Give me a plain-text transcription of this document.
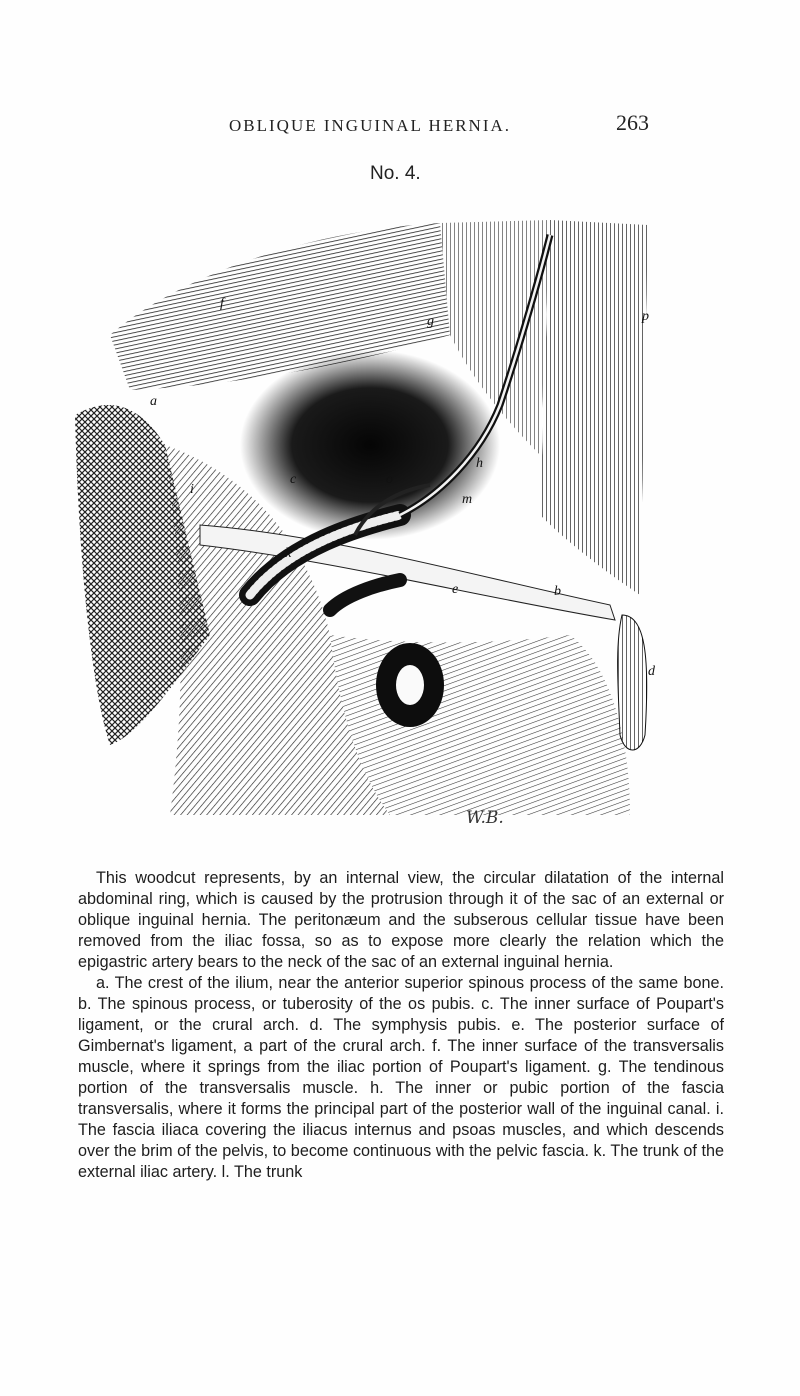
OBLIQUE INGUINAL HERNIA.	263
No. 4.
f
g	p
a
h
c	o
i
m
k
e	b
d
W.B.

This woodcut represents, by an internal view, the circular dilatation of the internal abdominal ring, which is caused by the protrusion through it of the sac of an external or oblique inguinal hernia. The peritonæum and the subserous cellular tissue have been removed from the iliac fossa, so as to expose more clearly the relation which the epigastric artery bears to the neck of the sac of an external inguinal hernia.

a. The crest of the ilium, near the anterior superior spinous process of the same bone. b. The spinous process, or tuberosity of the os pubis. c. The inner surface of Poupart's ligament, or the crural arch. d. The symphysis pubis. e. The posterior surface of Gimbernat's ligament, a part of the crural arch. f. The inner surface of the transversalis muscle, where it springs from the iliac portion of Poupart's ligament. g. The tendinous portion of the transversalis muscle. h. The inner or pubic portion of the fascia transversalis, where it forms the principal part of the posterior wall of the inguinal canal. i. The fascia iliaca covering the iliacus internus and psoas muscles, and which descends over the brim of the pelvis, to become continuous with the pelvic fascia. k. The trunk of the external iliac artery. l. The trunk
